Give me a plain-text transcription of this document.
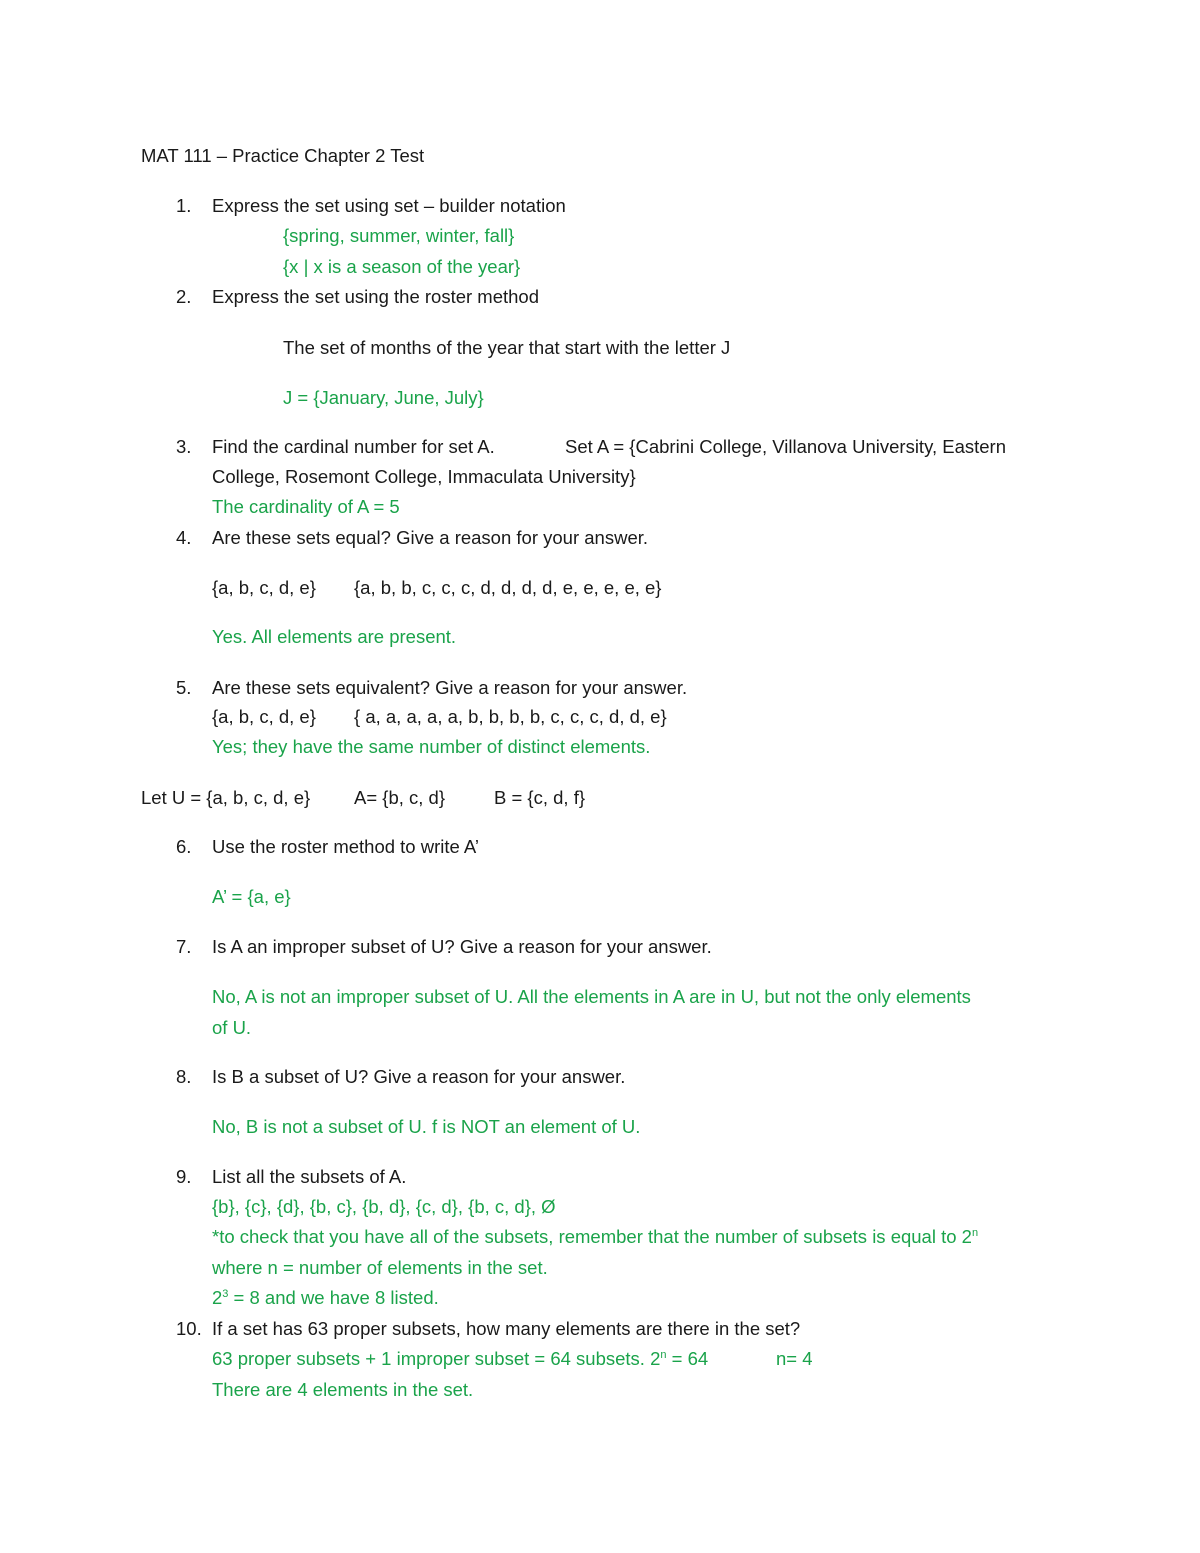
MAT 111 – Practice Chapter 2 Test
1. Express the set using set – builder notation
{spring, summer, winter, fall}
{x | x is a season of the year}
2. Express the set using the roster method
The set of months of the year that start with the letter J
J = {January, June, July}
3. Find the cardinal number for set A.	Set A = {Cabrini College, Villanova University, Eastern
College, Rosemont College, Immaculata University}
The cardinality of A = 5
4. Are these sets equal? Give a reason for your answer.
{a, b, c, d, e} {a, b, b, c, c, c, d, d, d, d, e, e, e, e, e}
Yes. All elements are present.
5. Are these sets equivalent? Give a reason for your answer.
{a, b, c, d, e} { a, a, a, a, a, b, b, b, b, c, c, c, d, d, e}
Yes; they have the same number of distinct elements.
Let U = {a, b, c, d, e} A= {b, c, d}	B = {c, d, f}
6. Use the roster method to write A’
A’ = {a, e}
7. Is A an improper subset of U? Give a reason for your answer.
No, A is not an improper subset of U. All the elements in A are in U, but not the only elements
of U.
8. Is B a subset of U? Give a reason for your answer.
No, B is not a subset of U. f is NOT an element of U.
9. List all the subsets of A.
{b}, {c}, {d}, {b, c}, {b, d}, {c, d}, {b, c, d}, Ø
*to check that you have all of the subsets, remember that the number of subsets is equal to 2$^n$
where n = number of elements in the set.
$2^3 = 8$ and we have 8 listed.
10. If a set has 63 proper subsets, how many elements are there in the set?
63 proper subsets + 1 improper subset = 64 subsets. $2^n = 64$	n= 4
There are 4 elements in the set.
